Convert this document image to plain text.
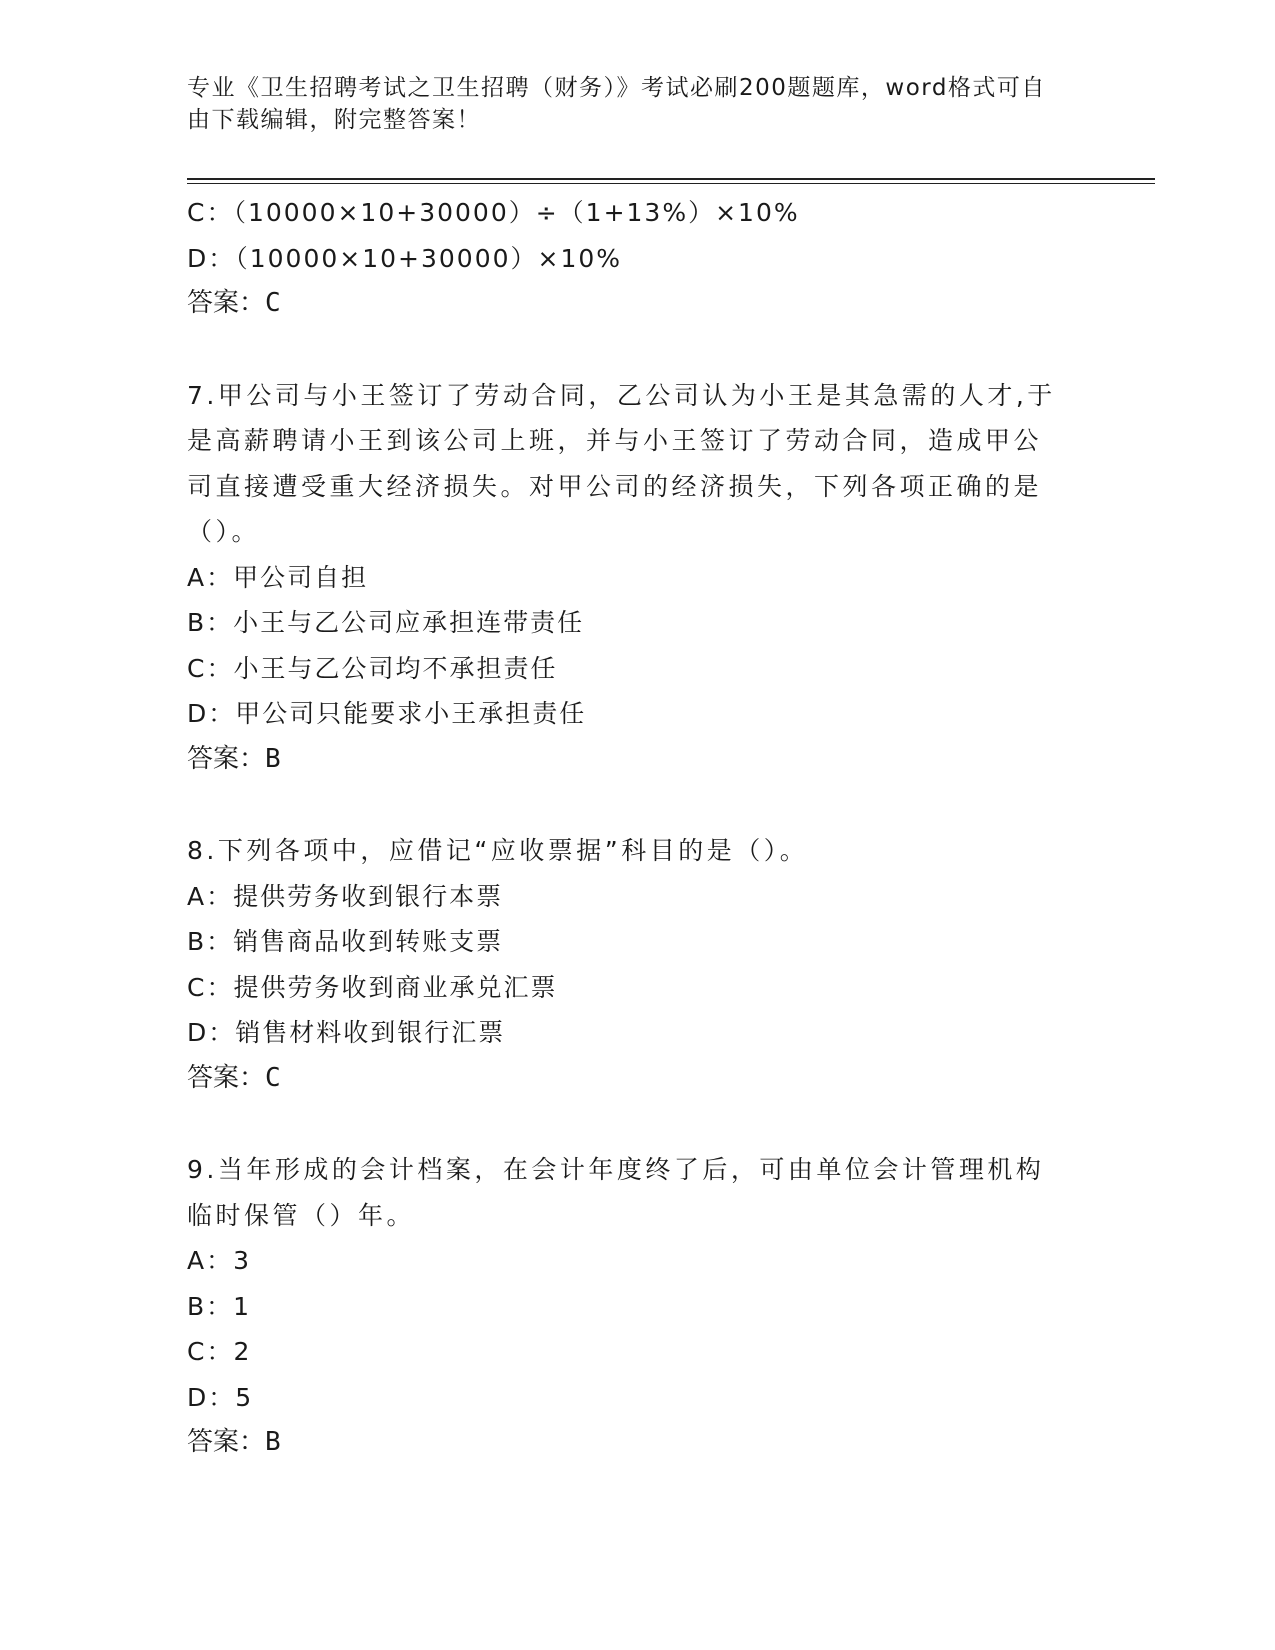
专业《卫生招聘考试之卫生招聘（财务）》考试必刷200题题库，word格式可自
由下载编辑，附完整答案！
C：（10000×10+30000）÷（1+13%）×10%
D：（10000×10+30000）×10%
答案：C
7.甲公司与小王签订了劳动合同，乙公司认为小王是其急需的人才,于
是高薪聘请小王到该公司上班，并与小王签订了劳动合同，造成甲公
司直接遭受重大经济损失。对甲公司的经济损失，下列各项正确的是
（）。
A：甲公司自担
B：小王与乙公司应承担连带责任
C：小王与乙公司均不承担责任
D：甲公司只能要求小王承担责任
答案：B
8.下列各项中，应借记“应收票据”科目的是（）。
A：提供劳务收到银行本票
B：销售商品收到转账支票
C：提供劳务收到商业承兑汇票
D：销售材料收到银行汇票
答案：C
9.当年形成的会计档案，在会计年度终了后，可由单位会计管理机构
临时保管（）年。
A：3
B：1
C：2
D：5
答案：B
